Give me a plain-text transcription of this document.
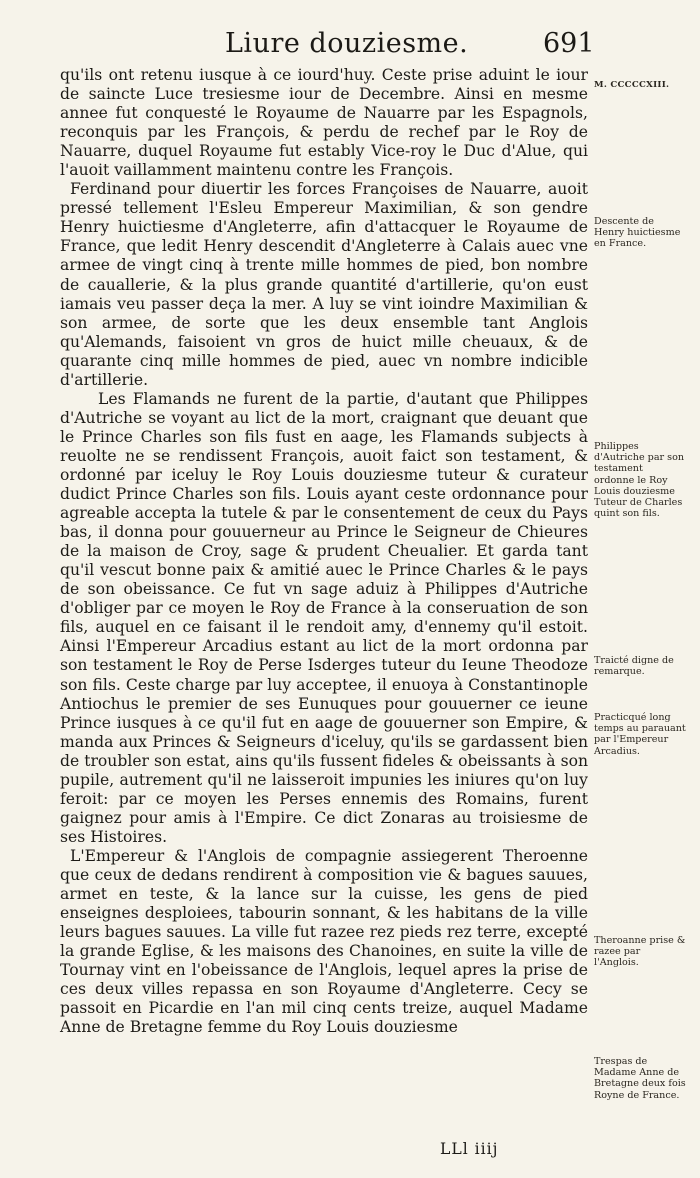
Liure douziesme.	691

qu'ils ont retenu iusque à ce iourd'huy. Ceste prise aduint le iour de saincte Luce tresiesme iour de Decembre. Ainsi en mesme annee fut conquesté le Royaume de Nauarre par les Espagnols, reconquis par les François, & perdu de rechef par le Roy de Nauarre, duquel Royaume fut estably Vice-roy le Duc d'Alue, qui l'auoit vaillamment maintenu contre les François.

Ferdinand pour diuertir les forces Françoises de Nauarre, auoit pressé tellement l'Esleu Empereur Maximilian, & son gendre Henry huictiesme d'Angleterre, afin d'attacquer le Royaume de France, que ledit Henry descendit d'Angleterre à Calais auec vne armee de vingt cinq à trente mille hommes de pied, bon nombre de cauallerie, & la plus grande quantité d'artillerie, qu'on eust iamais veu passer deça la mer. A luy se vint ioindre Maximilian & son armee, de sorte que les deux ensemble tant Anglois qu'Alemands, faisoient vn gros de huict mille cheuaux, & de quarante cinq mille hommes de pied, auec vn nombre indicible d'artillerie.

Les Flamands ne furent de la partie, d'autant que Philippes d'Autriche se voyant au lict de la mort, craignant que deuant que le Prince Charles son fils fust en aage, les Flamands subjects à reuolte ne se rendissent François, auoit faict son testament, & ordonné par iceluy le Roy Louis douziesme tuteur & curateur dudict Prince Charles son fils. Louis ayant ceste ordonnance pour agreable accepta la tutele & par le consentement de ceux du Pays bas, il donna pour gouuerneur au Prince le Seigneur de Chieures de la maison de Croy, sage & prudent Cheualier. Et garda tant qu'il vescut bonne paix & amitié auec le Prince Charles & le pays de son obeissance. Ce fut vn sage aduiz à Philippes d'Autriche d'obliger par ce moyen le Roy de France à la conseruation de son fils, auquel en ce faisant il le rendoit amy, d'ennemy qu'il estoit. Ainsi l'Empereur Arcadius estant au lict de la mort ordonna par son testament le Roy de Perse Isderges tuteur du Ieune Theodoze son fils. Ceste charge par luy acceptee, il enuoya à Constantinople Antiochus le premier de ses Eunuques pour gouuerner ce ieune Prince iusques à ce qu'il fut en aage de gouuerner son Empire, & manda aux Princes & Seigneurs d'iceluy, qu'ils se gardassent bien de troubler son estat, ains qu'ils fussent fideles & obeissants à son pupile, autrement qu'il ne laisseroit impunies les iniures qu'on luy feroit: par ce moyen les Perses ennemis des Romains, furent gaignez pour amis à l'Empire. Ce dict Zonaras au troisiesme de ses Histoires.

L'Empereur & l'Anglois de compagnie assiegerent Theroenne que ceux de dedans rendirent à composition vie & bagues sauues, armet en teste, & la lance sur la cuisse, les gens de pied enseignes desploiees, tabourin sonnant, & les habitans de la ville leurs bagues sauues. La ville fut razee rez pieds rez terre, excepté la grande Eglise, & les maisons des Chanoines, en suite la ville de Tournay vint en l'obeissance de l'Anglois, lequel apres la prise de ces deux villes repassa en son Royaume d'Angleterre. Cecy se passoit en Picardie en l'an mil cinq cents treize, auquel Madame Anne de Bretagne femme du Roy Louis douziesme

M. CCCCCXIII.
Descente de Henry huictiesme en France.
Philippes d'Autriche par son testament ordonne le Roy Louis douziesme Tuteur de Charles quint son fils.
Traicté digne de remarque.
Practicqué long temps au parauant par l'Empereur Arcadius.
Theroanne prise & razee par l'Anglois.
Trespas de Madame Anne de Bretagne deux fois Royne de France.
LLl iiij
